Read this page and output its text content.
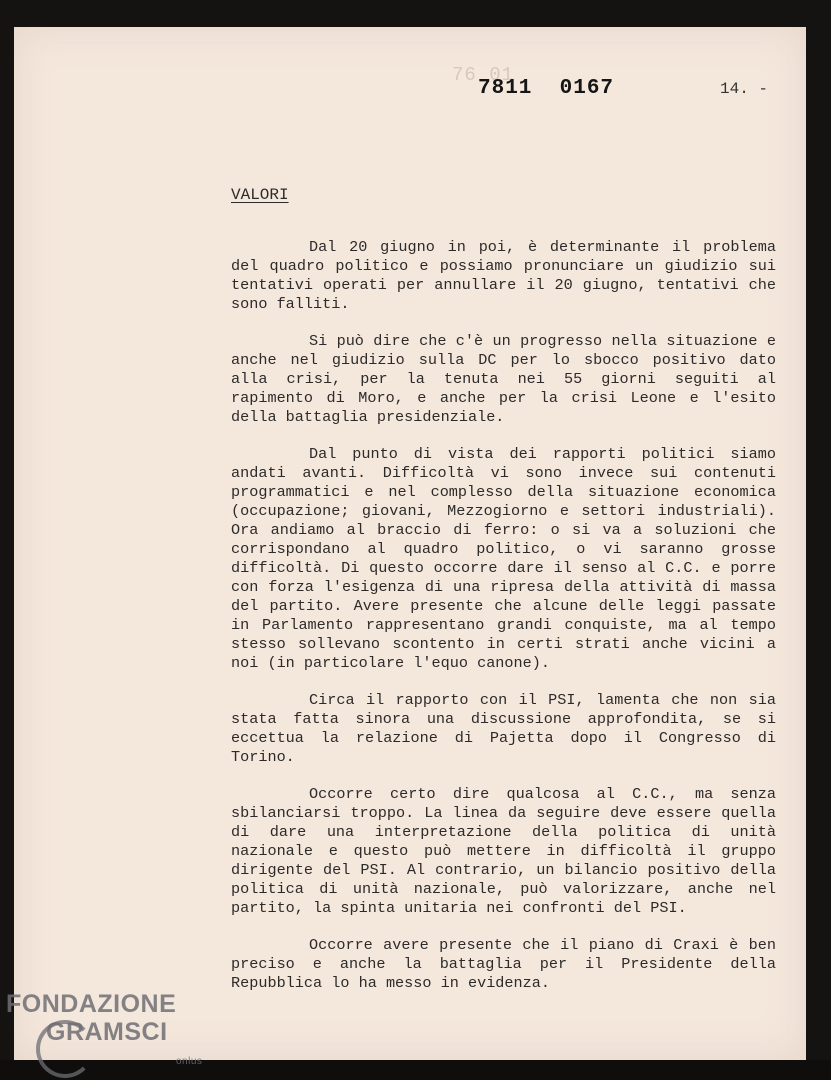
76 01
7811  0167	14. -
VALORI

Dal 20 giugno in poi, è determinante il problema del quadro politico e possiamo pronunciare un giudizio sui tentativi operati per annullare il 20 giugno, tentativi che sono falliti.

Si può dire che c'è un progresso nella situazione e anche nel giudizio sulla DC per lo sbocco positivo dato alla crisi, per la tenuta nei 55 giorni seguiti al rapimento di Moro, e anche per la crisi Leone e l'esito della battaglia presidenziale.

Dal punto di vista dei rapporti politici siamo andati avanti. Difficoltà vi sono invece sui contenuti programmatici e nel complesso della situazione economica (occupazione; giovani, Mezzogiorno e settori industriali). Ora andiamo al braccio di ferro: o si va a soluzioni che corrispondano al quadro politico, o vi saranno grosse difficoltà. Di questo occorre dare il senso al C.C. e porre con forza l'esigenza di una ripresa della attività di massa del partito. Avere presente che alcune delle leggi passate in Parlamento rappresentano grandi conquiste, ma al tempo stesso sollevano scontento in certi strati anche vicini a noi (in particolare l'equo canone).

Circa il rapporto con il PSI, lamenta che non sia stata fatta sinora una discussione approfondita, se si eccettua la relazione di Pajetta dopo il Congresso di Torino.

Occorre certo dire qualcosa al C.C., ma senza sbilanciarsi troppo. La linea da seguire deve essere quella di dare una interpretazione della politica di unità nazionale e questo può mettere in difficoltà il gruppo dirigente del PSI. Al contrario, un bilancio positivo della politica di unità nazionale, può valorizzare, anche nel partito, la spinta unitaria nei confronti del PSI.

Occorre avere presente che il piano di Craxi è ben preciso e anche la battaglia per il Presidente della Repubblica lo ha messo in evidenza.

FONDAZIONE
GRAMSCI
onlus
